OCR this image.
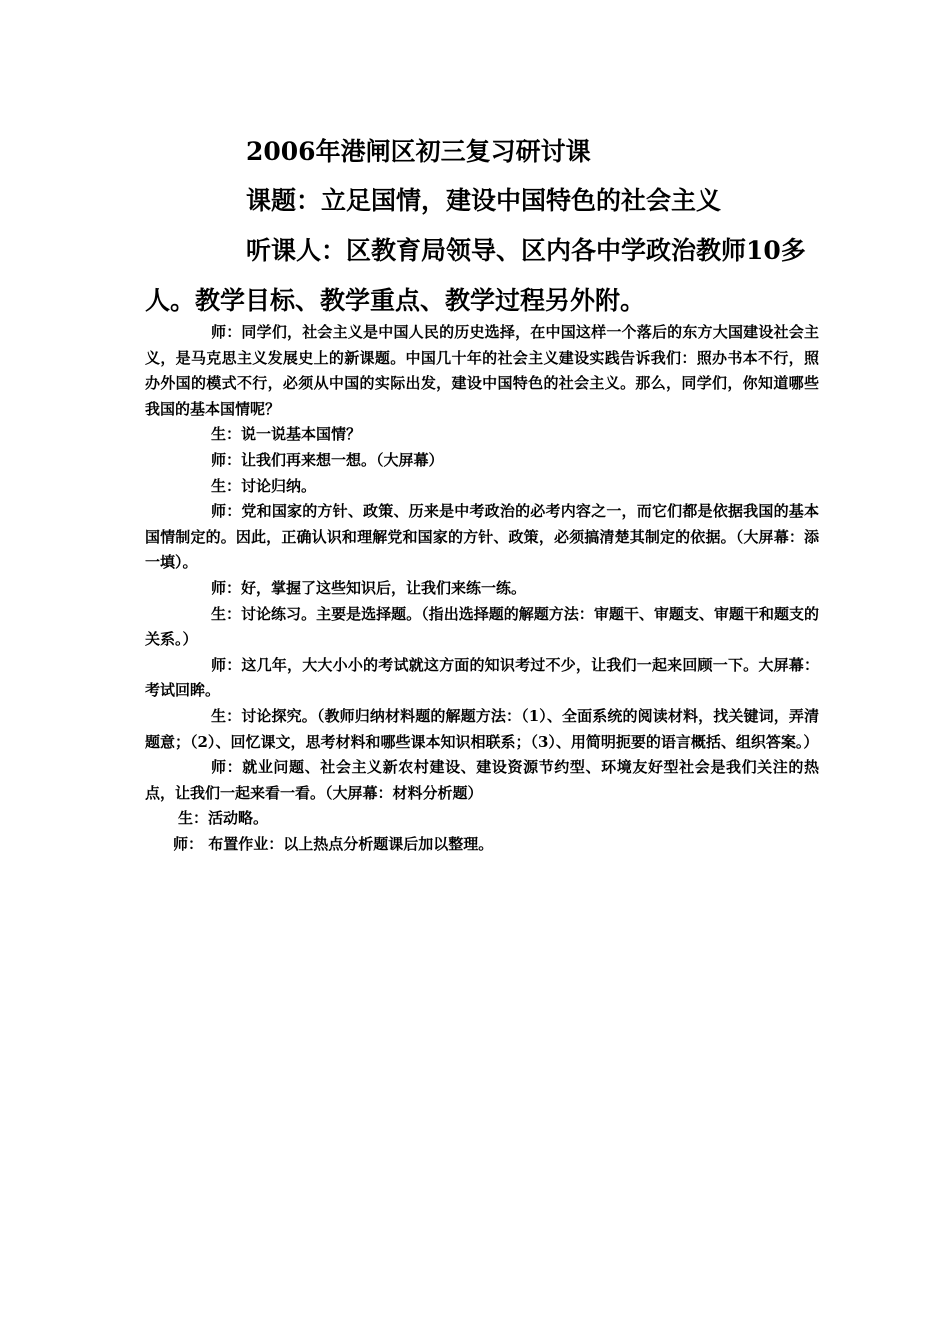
2006年港闸区初三复习研讨课
课题：立足国情，建设中国特色的社会主义
听课人：区教育局领导、区内各中学政治教师10多人。教学目标、教学重点、教学过程另外附。

师：同学们，社会主义是中国人民的历史选择，在中国这样一个落后的东方大国建设社会主义，是马克思主义发展史上的新课题。中国几十年的社会主义建设实践告诉我们：照办书本不行，照办外国的模式不行，必须从中国的实际出发，建设中国特色的社会主义。那么，同学们，你知道哪些我国的基本国情呢？

生：说一说基本国情？

师：让我们再来想一想。（大屏幕）

生：讨论归纳。

师：党和国家的方针、政策、历来是中考政治的必考内容之一，而它们都是依据我国的基本国情制定的。因此，正确认识和理解党和国家的方针、政策，必须搞清楚其制定的依据。（大屏幕：添一填）。

师：好，掌握了这些知识后，让我们来练一练。

生：讨论练习。主要是选择题。（指出选择题的解题方法：审题干、审题支、审题干和题支的关系。）

师：这几年，大大小小的考试就这方面的知识考过不少，让我们一起来回顾一下。大屏幕：考试回眸。

生：讨论探究。（教师归纳材料题的解题方法：（1）、全面系统的阅读材料，找关键词，弄清题意；（2）、回忆课文，思考材料和哪些课本知识相联系；（3）、用简明扼要的语言概括、组织答案。）

师：就业问题、社会主义新农村建设、建设资源节约型、环境友好型社会是我们关注的热点，让我们一起来看一看。（大屏幕：材料分析题）

生：活动略。

师： 布置作业：以上热点分析题课后加以整理。
